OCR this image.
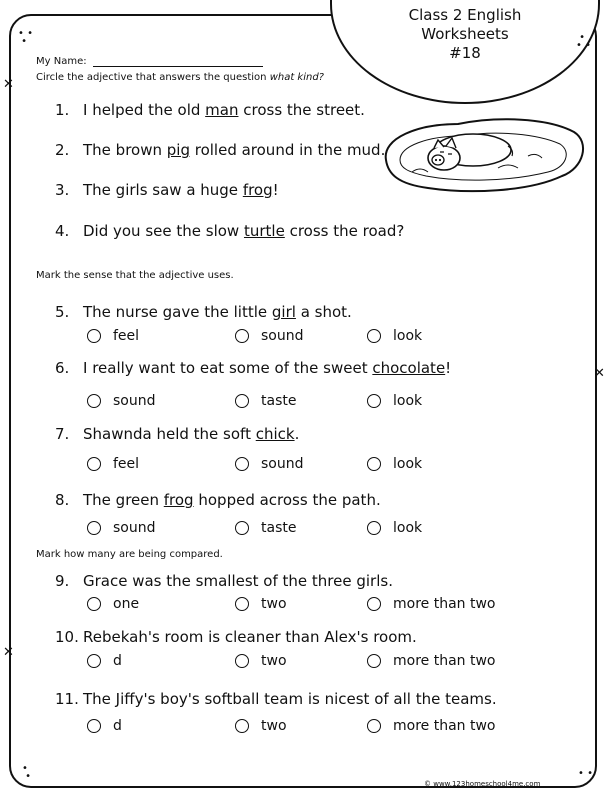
Class 2 English
Worksheets
#18
• •
•	•
• •
•
•	• •
✕
✕
✕
My Name:
Circle the adjective that answers the question what kind?
Mark the sense that the adjective uses.
Mark how many are being compared.
1. I helped the old man cross the street.
2. The brown pig rolled around in the mud.
3. The girls saw a huge frog!
4. Did you see the slow turtle cross the road?
5. The nurse gave the little girl a shot.
feel	sound	look
6. I really want to eat some of the sweet chocolate!
sound	taste	look
7. Shawnda held the soft chick.
feel	sound	look
8. The green frog hopped across the path.
sound	taste	look
9. Grace was the smallest of the three girls.
one	two	more than two
10. Rebekah's room is cleaner than Alex's room.
d	two	more than two
11. The Jiffy's boy's softball team is nicest of all the teams.
d	two	more than two
© www.123homeschool4me.com
